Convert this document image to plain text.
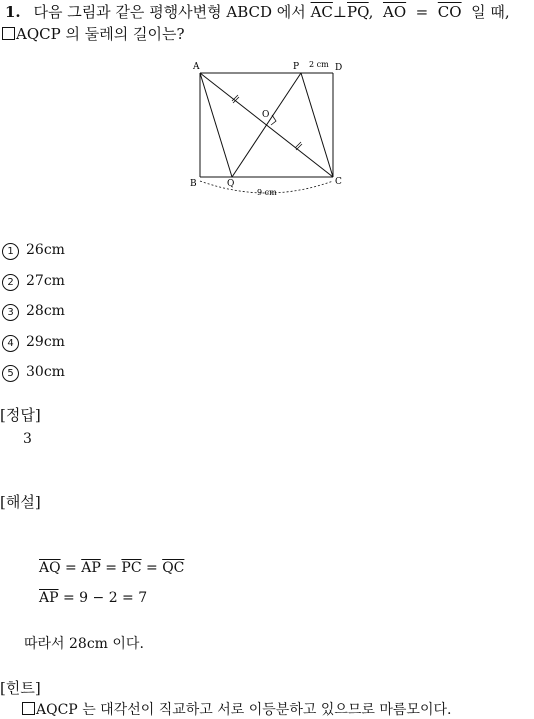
1. 다음 그림과 같은 평행사변형 ABCD 에서 $\overline{AC}\perp\overline{PQ}$, $\overline{AO} = \overline{CO}$ 일 때,
AQCP 의 둘레의 길이는?
A	D
B	C
P
Q
O
2 cm
9 cm
1 26cm
2 27cm
3 28cm
4 29cm
5 30cm
[정답]
3
[해설]
$\overline{AQ} = \overline{AP} = \overline{PC} = \overline{QC}$
$\overline{AP} = 9 - 2 = 7$
따라서 28cm 이다.
[힌트]
AQCP 는 대각선이 직교하고 서로 이등분하고 있으므로 마름모이다.
